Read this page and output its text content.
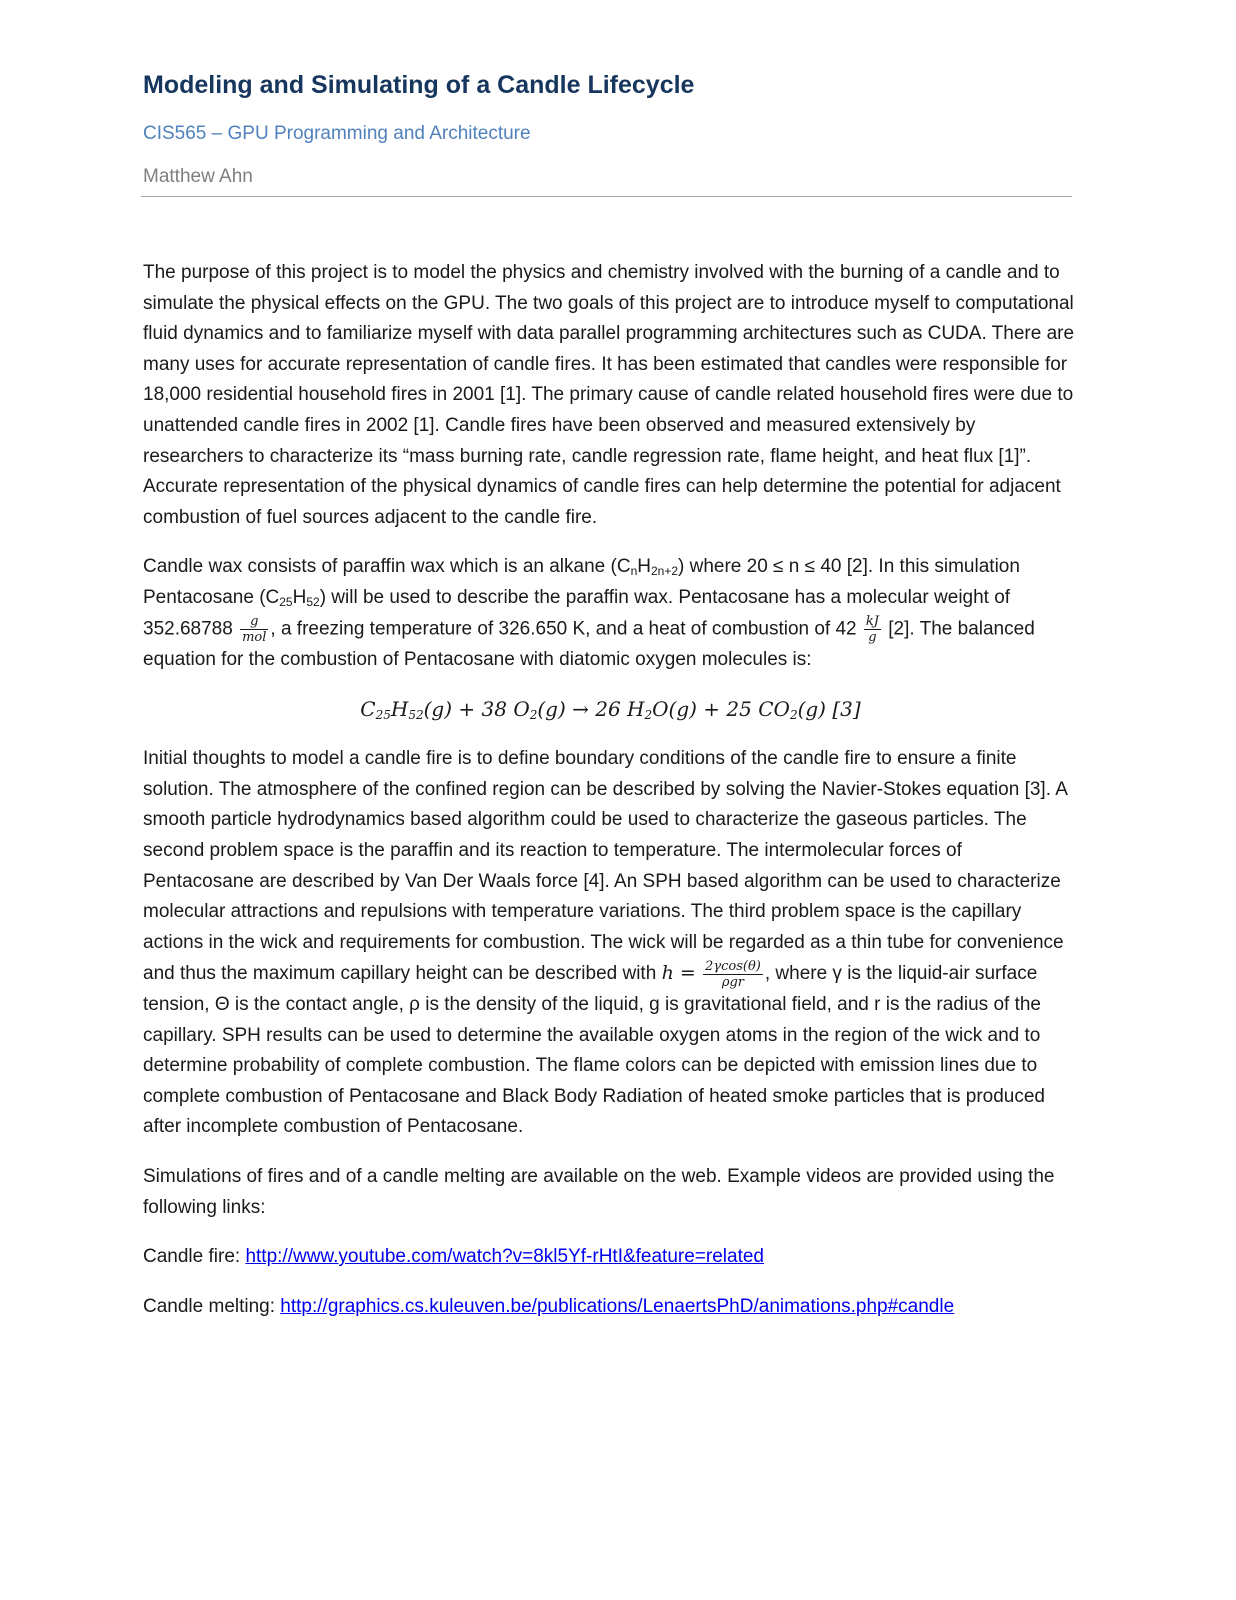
Modeling and Simulating of a Candle Lifecycle
CIS565 – GPU Programming and Architecture
Matthew Ahn

The purpose of this project is to model the physics and chemistry involved with the burning of a candle and to simulate the physical effects on the GPU. The two goals of this project are to introduce myself to computational fluid dynamics and to familiarize myself with data parallel programming architectures such as CUDA. There are many uses for accurate representation of candle fires. It has been estimated that candles were responsible for 18,000 residential household fires in 2001 [1]. The primary cause of candle related household fires were due to unattended candle fires in 2002 [1]. Candle fires have been observed and measured extensively by researchers to characterize its “mass burning rate, candle regression rate, flame height, and heat flux [1]”. Accurate representation of the physical dynamics of candle fires can help determine the potential for adjacent combustion of fuel sources adjacent to the candle fire.

Candle wax consists of paraffin wax which is an alkane $(C_nH_{2n+2})$ where 20 ≤ n ≤ 40 [2]. In this simulation Pentacosane $(C_{25}H_{52})$ will be used to describe the paraffin wax. Pentacosane has a molecular weight of $352.68788 \frac{g}{\text{mol}}$ , a freezing temperature of 326.650 K, and a heat of combustion of $42 \frac{kJ}{g} [2]$. The balanced equation for the combustion of Pentacosane with diatomic oxygen molecules is:

$C_{25}H_{52}(g) + 38$ $O_2(g) \to 26$ $H_2O(g) + 25$ $CO_2(g)$ [3]

Initial thoughts to model a candle fire is to define boundary conditions of the candle fire to ensure a finite solution. The atmosphere of the confined region can be described by solving the Navier-Stokes equation [3]. A smooth particle hydrodynamics based algorithm could be used to characterize the gaseous particles. The second problem space is the paraffin and its reaction to temperature. The intermolecular forces of Pentacosane are described by Van Der Waals force [4]. An SPH based algorithm can be used to characterize molecular attractions and repulsions with temperature variations. The third problem space is the capillary actions in the wick and requirements for combustion. The wick will be regarded as a thin tube for convenience and thus the maximum capillary height can be described with $h = \frac{2\gamma\cos(\theta)}{\text{ρgr}}$ , where γ is the liquid-air surface tension, Θ is the contact angle, ρ is the density of the liquid, g is gravitational field, and r is the radius of the capillary. SPH results can be used to determine the available oxygen atoms in the region of the wick and to determine probability of complete combustion. The flame colors can be depicted with emission lines due to complete combustion of Pentacosane and Black Body Radiation of heated smoke particles that is produced after incomplete combustion of Pentacosane.

Simulations of fires and of a candle melting are available on the web. Example videos are provided using the following links:

Candle fire: http://www.youtube.com/watch?v=8kl5Yf-rHtI&feature=related

Candle melting: http://graphics.cs.kuleuven.be/publications/LenaertsPhD/animations.php#candle
